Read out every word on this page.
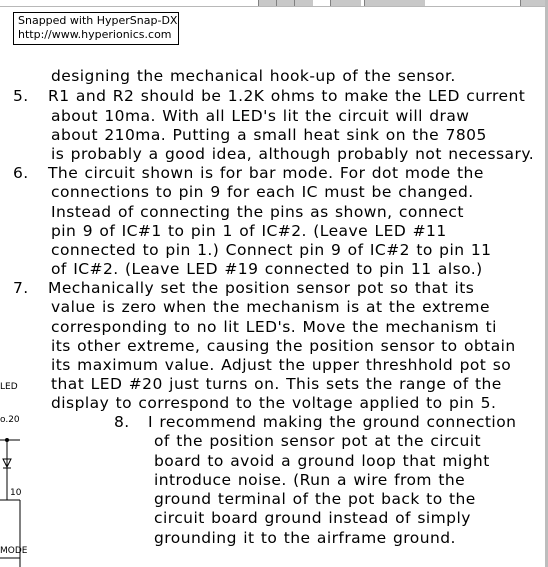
designing the mechanical hook-up of the sensor.
5. R1 and R2 should be 1.2K ohms to make the LED current
about 10ma. With all LED's lit the circuit will draw
about 210ma. Putting a small heat sink on the 7805
is probably a good idea, although probably not necessary.
6. The circuit shown is for bar mode. For dot mode the
connections to pin 9 for each IC must be changed.
Instead of connecting the pins as shown, connect
pin 9 of IC#1 to pin 1 of IC#2. (Leave LED #11
connected to pin 1.) Connect pin 9 of IC#2 to pin 11
of IC#2. (Leave LED #19 connected to pin 11 also.)
7. Mechanically set the position sensor pot so that its
value is zero when the mechanism is at the extreme
corresponding to no lit LED's. Move the mechanism ti
its other extreme, causing the position sensor to obtain
its maximum value. Adjust the upper threshhold pot so
that LED #20 just turns on. This sets the range of the
display to correspond to the voltage applied to pin 5.
8. I recommend making the ground connection
of the position sensor pot at the circuit
board to avoid a ground loop that might
introduce noise. (Run a wire from the
ground terminal of the pot back to the
circuit board ground instead of simply
grounding it to the airframe ground.
LED
o.20
10
MODE
Snapped with HyperSnap-DX
http://www.hyperionics.com
